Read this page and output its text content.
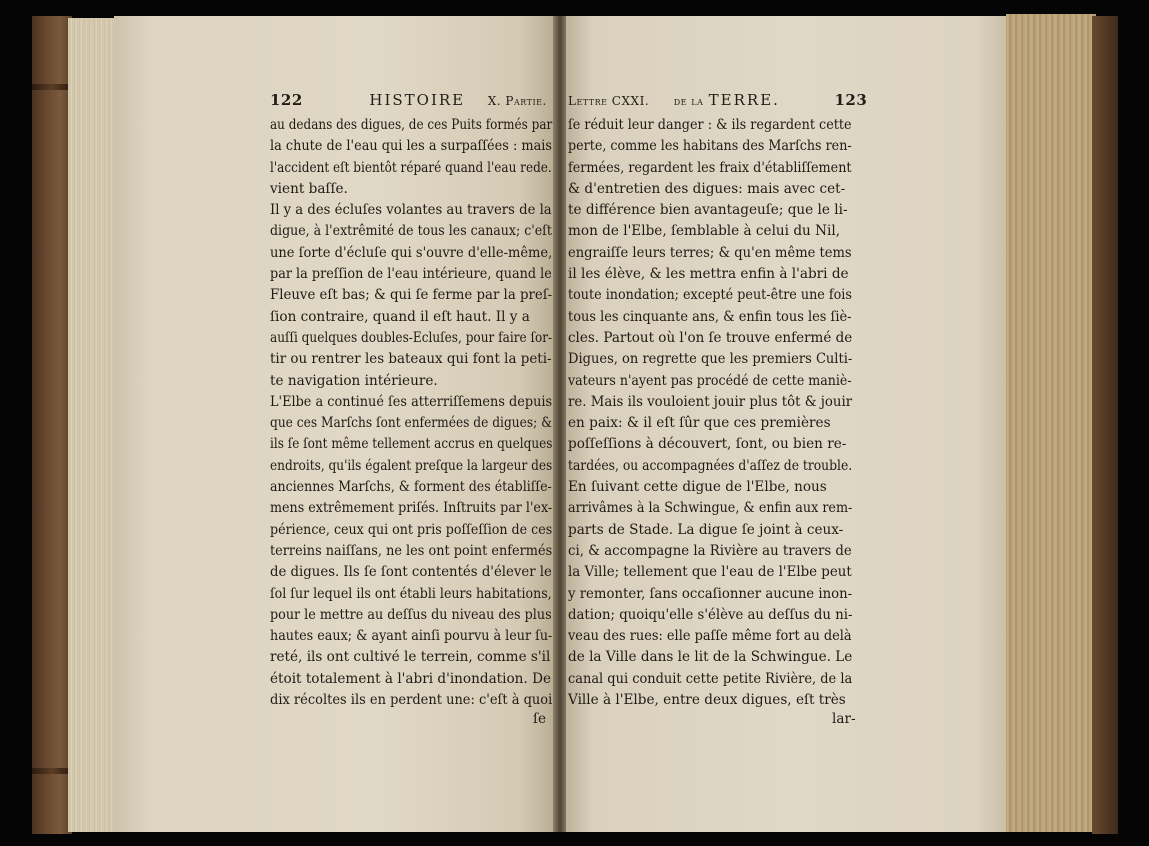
122	HISTOIRE X. Partie.
au dedans des digues, de ces Puits formés par
la chute de l'eau qui les a surpaſſées : mais
l'accident eſt bientôt réparé quand l'eau rede.
vient baſſe.
Il y a des écluſes volantes au travers de la
digue, à l'extrêmité de tous les canaux; c'eſt
une ſorte d'écluſe qui s'ouvre d'elle-même,
par la preſſion de l'eau intérieure, quand le
Fleuve eſt bas; & qui ſe ferme par la preſ-
ſion contraire, quand il eſt haut. Il y a
auſſi quelques doubles-Ecluſes, pour faire ſor-
tir ou rentrer les bateaux qui font la peti-
te navigation intérieure.
L'Elbe a continué ſes atterriſſemens depuis
que ces Marſchs ſont enfermées de digues; &
ils ſe ſont même tellement accrus en quelques
endroits, qu'ils égalent preſque la largeur des
anciennes Marſchs, & forment des établiſſe-
mens extrêmement priſés. Inſtruits par l'ex-
périence, ceux qui ont pris poſſeſſion de ces
terreins naiſſans, ne les ont point enfermés
de digues. Ils ſe ſont contentés d'élever le
ſol ſur lequel ils ont établi leurs habitations,
pour le mettre au deſſus du niveau des plus
hautes eaux; & ayant ainſi pourvu à leur ſu-
reté, ils ont cultivé le terrein, comme s'il
étoit totalement à l'abri d'inondation. De
dix récoltes ils en perdent une: c'eſt à quoi
ſe
Lettre CXXI. de la TERRE.	123
ſe réduit leur danger : & ils regardent cette
perte, comme les habitans des Marſchs ren-
fermées, regardent les fraix d'établiſſement
& d'entretien des digues: mais avec cet-
te différence bien avantageuſe; que le li-
mon de l'Elbe, ſemblable à celui du Nil,
engraiſſe leurs terres; & qu'en même tems
il les élève, & les mettra enfin à l'abri de
toute inondation; excepté peut-être une fois
tous les cinquante ans, & enfin tous les ſiè-
cles. Partout où l'on ſe trouve enfermé de
Digues, on regrette que les premiers Culti-
vateurs n'ayent pas procédé de cette maniè-
re. Mais ils vouloient jouir plus tôt & jouir
en paix: & il eſt ſûr que ces premières
poſſeſſions à découvert, ſont, ou bien re-
tardées, ou accompagnées d'aſſez de trouble.
En ſuivant cette digue de l'Elbe, nous
arrivâmes à la Schwingue, & enfin aux rem-
parts de Stade. La digue ſe joint à ceux-
ci, & accompagne la Rivière au travers de
la Ville; tellement que l'eau de l'Elbe peut
y remonter, ſans occaſionner aucune inon-
dation; quoiqu'elle s'élève au deſſus du ni-
veau des rues: elle paſſe même fort au delà
de la Ville dans le lit de la Schwingue. Le
canal qui conduit cette petite Rivière, de la
Ville à l'Elbe, entre deux digues, eſt très
lar-
